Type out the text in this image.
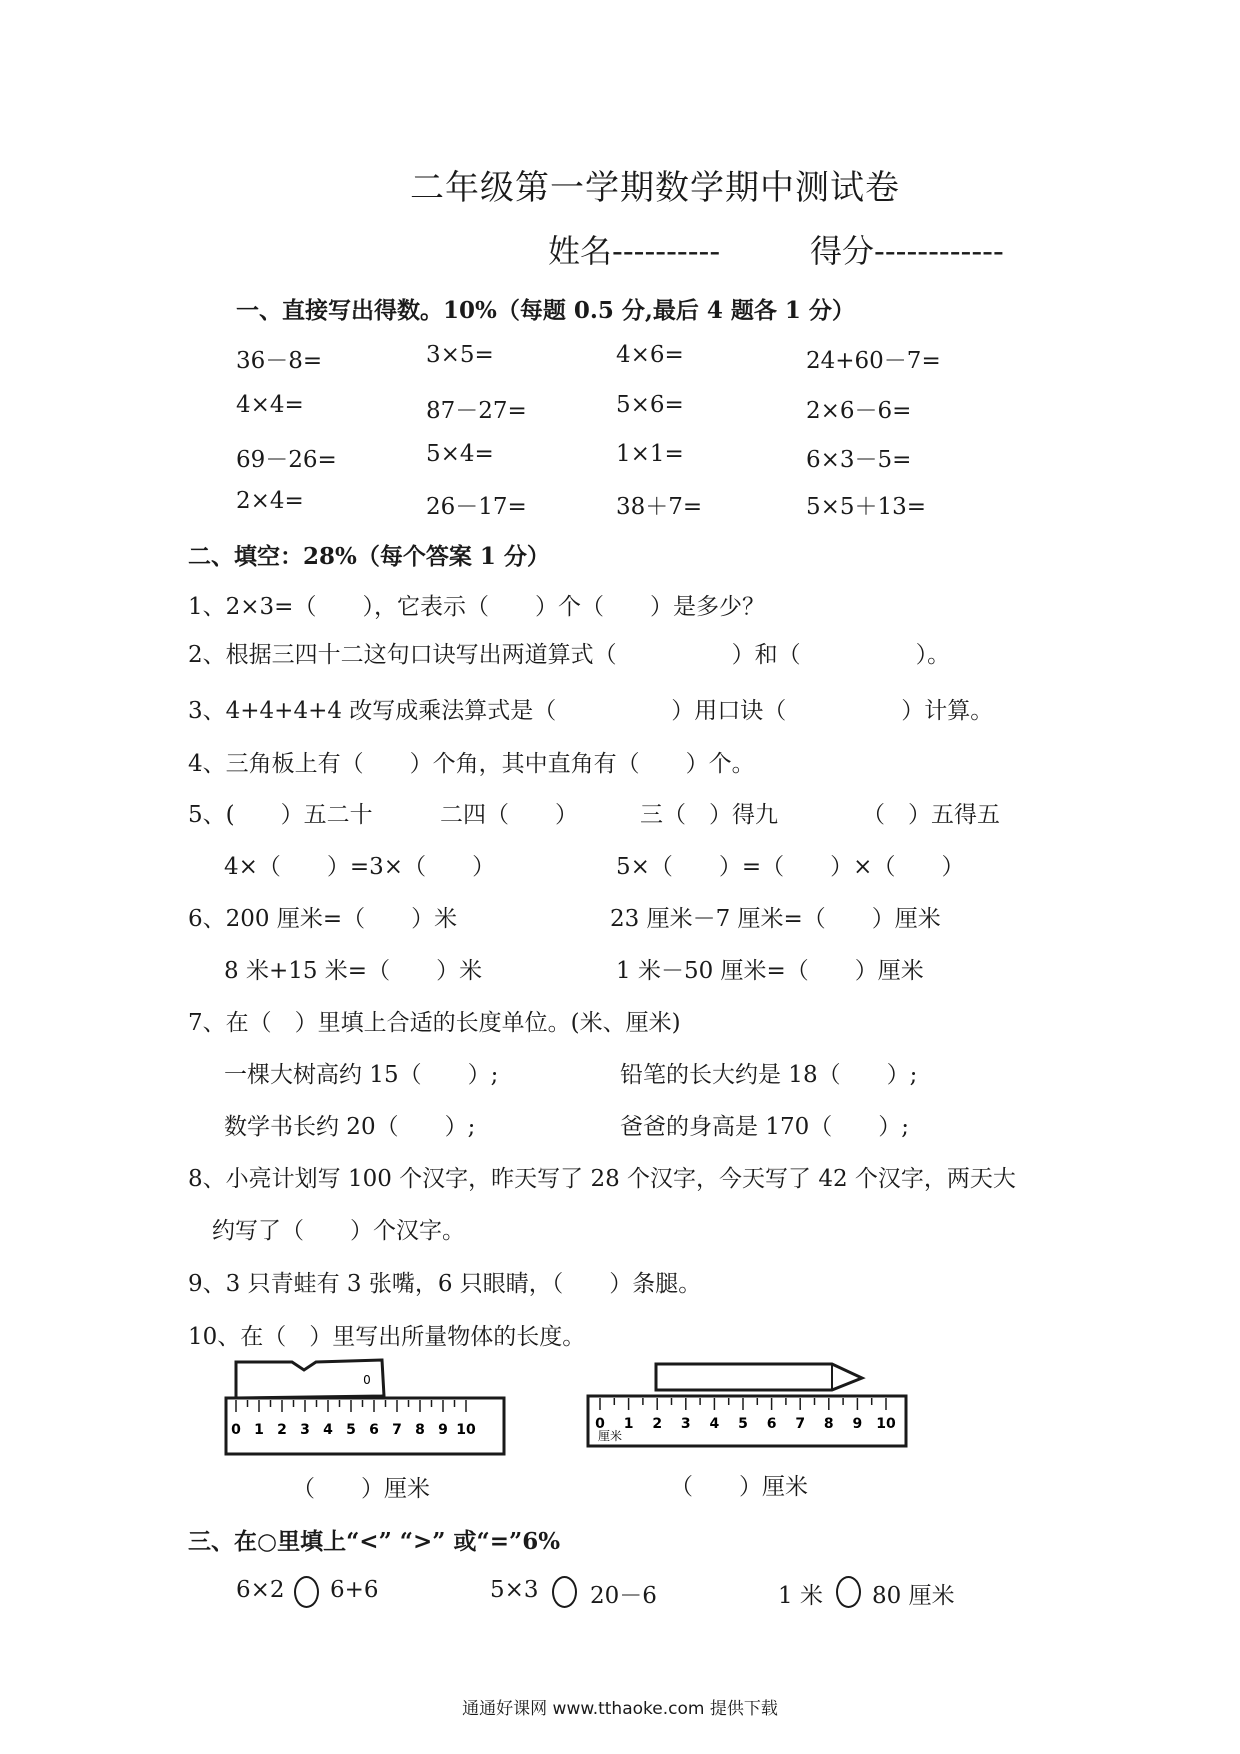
二年级第一学期数学期中测试卷
姓名----------	得分------------
一、直接写出得数。10%（每题 0.5 分,最后 4 题各 1 分）
36－8=	3×5=	4×6=	24+60－7=
4×4=	87－27=	5×6=	2×6－6=
69－26=	5×4=	1×1=	6×3－5=
2×4=	26－17=	38＋7=	5×5＋13=
二、填空：28%（每个答案 1 分）
1、2×3=（　　），它表示（　　）个（　　）是多少？
2、根据三四十二这句口诀写出两道算式（　　　　　）和（　　　　　）。
3、4+4+4+4 改写成乘法算式是（　　　　　）用口诀（　　　　　）计算。
4、三角板上有（　　）个角，其中直角有（　　）个。
5、(　　）五二十	二四（　　）	三（　）得九	（　）五得五
4×（　　）=3×（　　）	5×（　　）=（　　）×（　　）
6、200 厘米=（　　）米	23 厘米－7 厘米=（　　）厘米
8 米+15 米=（　　）米	1 米－50 厘米=（　　）厘米
7、在（　）里填上合适的长度单位。(米、厘米)
一棵大树高约 15（　　）;	铅笔的长大约是 18（　　）;
数学书长约 20（　　）;	爸爸的身高是 170（　　）;
8、小亮计划写 100 个汉字，昨天写了 28 个汉字，今天写了 42 个汉字，两天大
约写了（　　）个汉字。
9、3 只青蛙有 3 张嘴，6 只眼睛，（　　）条腿。
10、在（　）里写出所量物体的长度。
0
0 1 2 3 4 5 6 7 8 9 10
（　　）厘米
0 1 2 3 4 5 6 7 8 9 10
厘米
（　　）厘米
三、在○里填上“<” “>” 或“=”6%
6×2 6+6	5×3 20－6	1 米 80 厘米
通通好课网 www.tthaoke.com 提供下载
